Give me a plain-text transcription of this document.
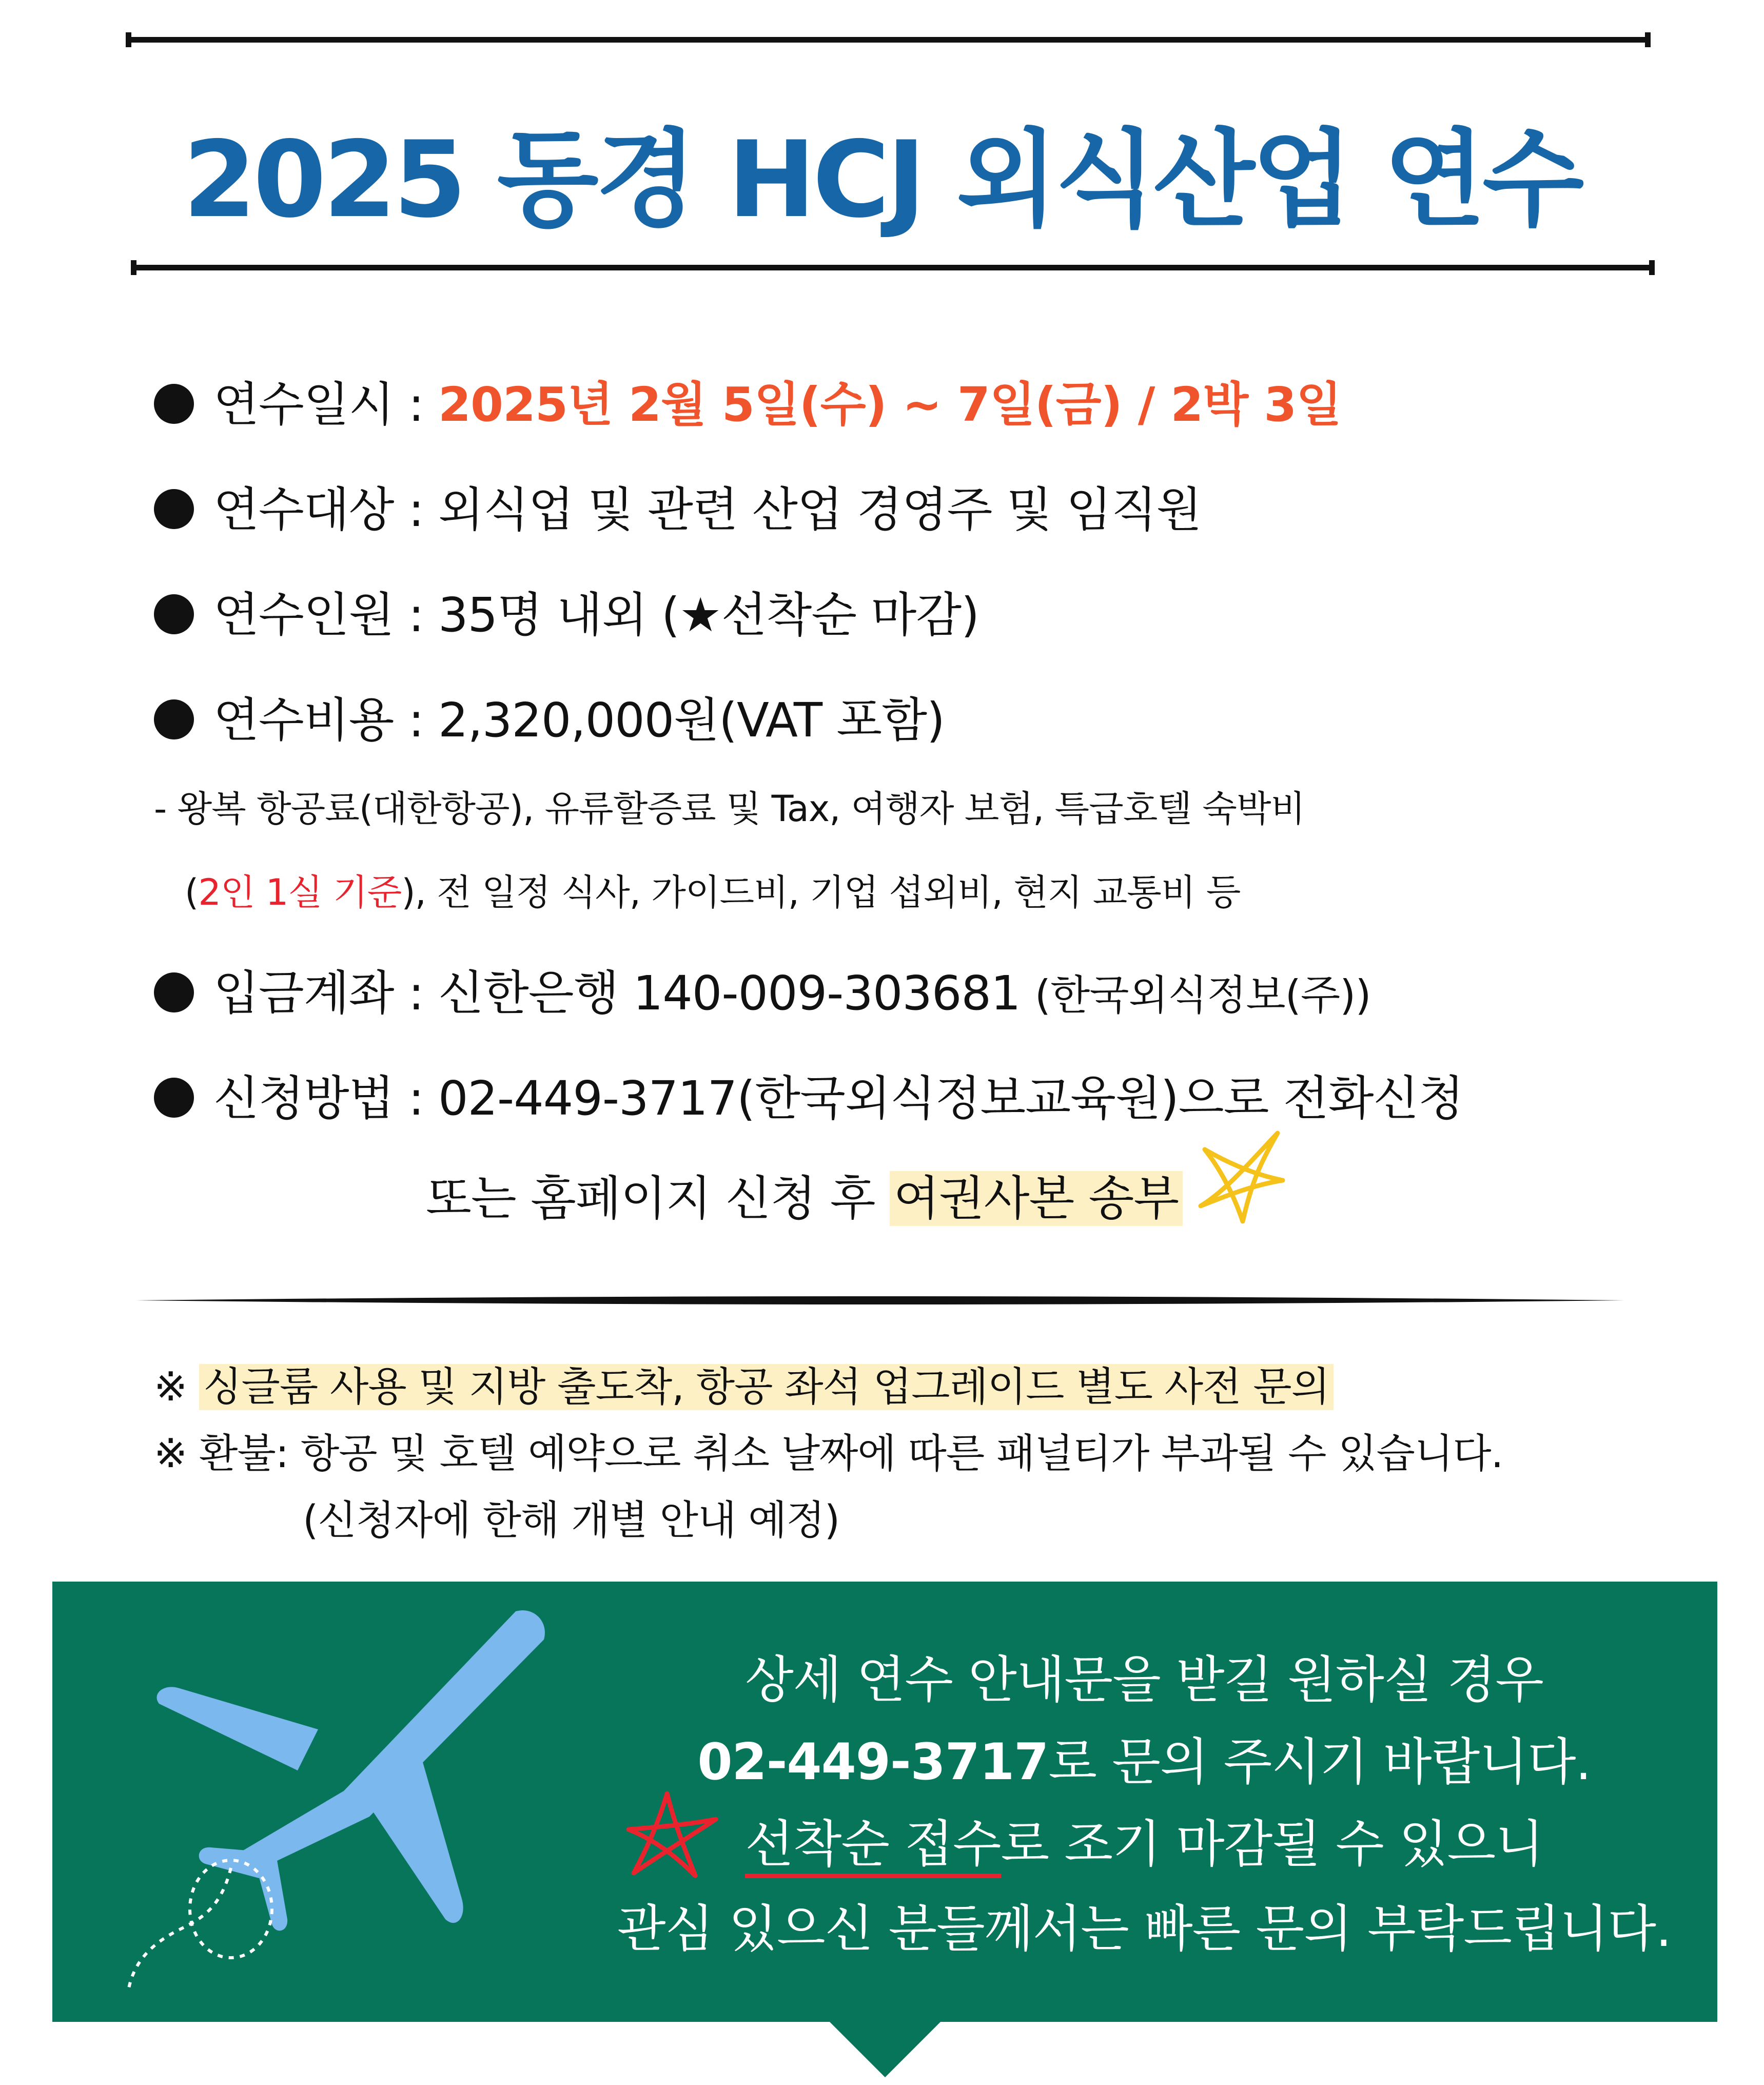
2025 동경 HCJ 외식산업 연수
연수일시 : 2025년 2월 5일(수) ~ 7일(금) / 2박 3일
연수대상 : 외식업 및 관련 산업 경영주 및 임직원
연수인원 : 35명 내외 (★선착순 마감)
연수비용 : 2,320,000원(VAT 포함)
- 왕복 항공료(대한항공), 유류할증료 및 Tax, 여행자 보험, 특급호텔 숙박비
(2인 1실 기준), 전 일정 식사, 가이드비, 기업 섭외비, 현지 교통비 등
입금계좌 : 신한은행 140-009-303681 (한국외식정보(주))
신청방법 : 02-449-3717(한국외식정보교육원)으로 전화신청
또는 홈페이지 신청 후 여권사본 송부
※ 싱글룸 사용 및 지방 출도착, 항공 좌석 업그레이드 별도 사전 문의
※ 환불: 항공 및 호텔 예약으로 취소 날짜에 따른 패널티가 부과될 수 있습니다.
(신청자에 한해 개별 안내 예정)
상세 연수 안내문을 받길 원하실 경우
02-449-3717로 문의 주시기 바랍니다.
선착순 접수로 조기 마감될 수 있으니
관심 있으신 분들께서는 빠른 문의 부탁드립니다.
